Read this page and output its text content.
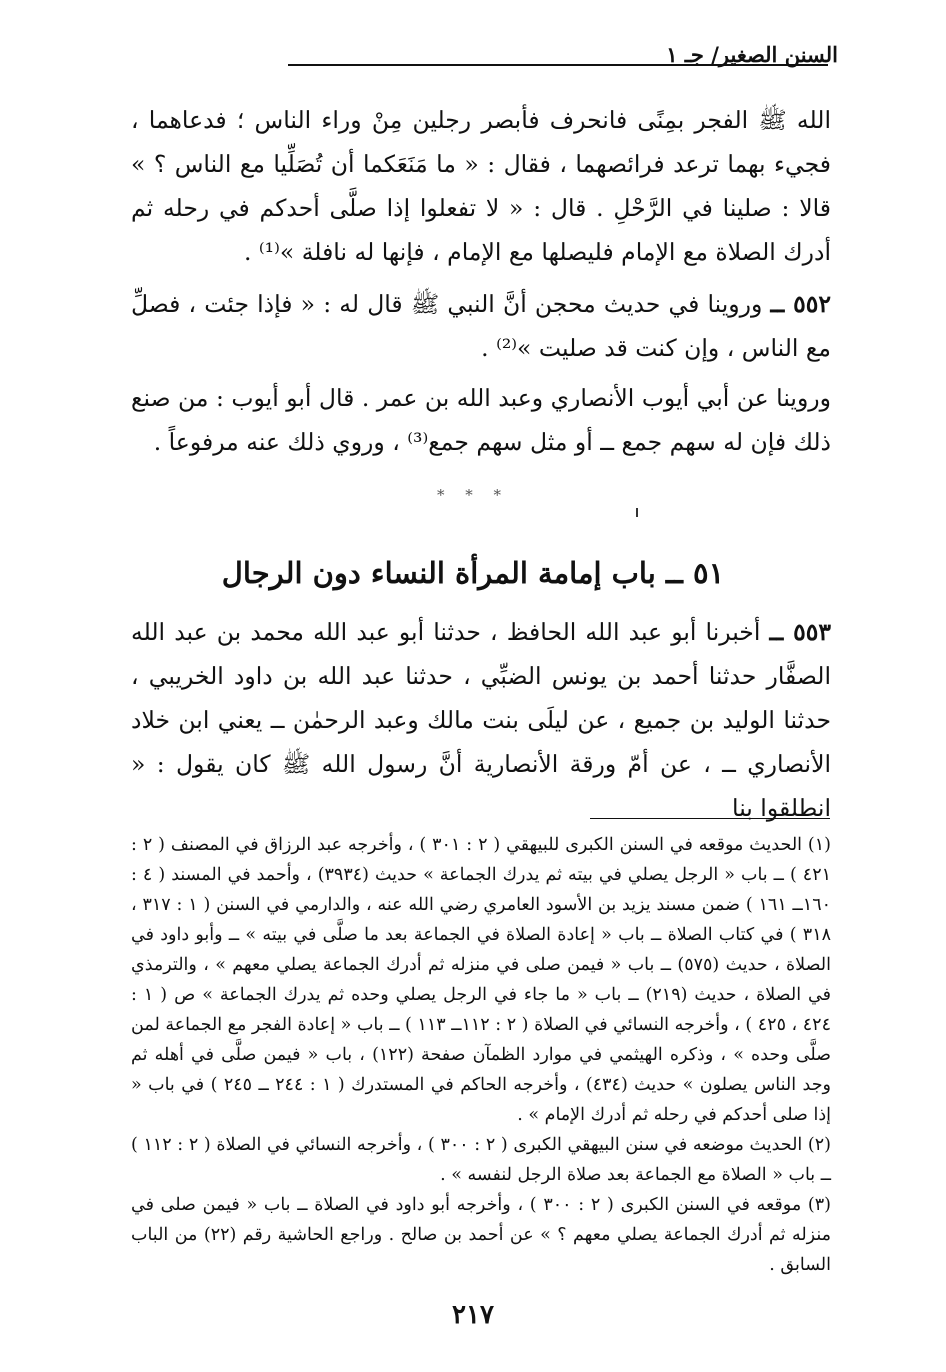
السنن الصغير/ جـ ١

الله ﷺ الفجر بمِنًى فانحرف فأبصر رجلين مِنْ وراء الناس ؛ فدعاهما ، فجيء بهما ترعد فرائصهما ، فقال : « ما مَنَعَكما أن تُصَلِّيا مع الناس ؟ » قالا : صلينا في الرَّحْلِ . قال : « لا تفعلوا إذا صلَّى أحدكم في رحله ثم أدرك الصلاة مع الإمام فليصلها مع الإمام ، فإنها له نافلة »⁽¹⁾ .

٥٥٢ ــ وروينا في حديث محجن أنَّ النبي ﷺ قال له : « فإذا جئت ، فصلِّ مع الناس ، وإن كنت قد صليت »⁽²⁾ .

وروينا عن أبي أيوب الأنصاري وعبد الله بن عمر . قال أبو أيوب : من صنع ذلك فإن له سهم جمع ــ أو مثل سهم جمع⁽³⁾ ، وروي ذلك عنه مرفوعاً .

* * *
٥١ ــ باب إمامة المرأة النساء دون الرجال

٥٥٣ ــ أخبرنا أبو عبد الله الحافظ ، حدثنا أبو عبد الله محمد بن عبد الله الصفَّار حدثنا أحمد بن يونس الضبِّي ، حدثنا عبد الله بن داود الخريبي ، حدثنا الوليد بن جميع ، عن ليلَى بنت مالك وعبد الرحمٰن ــ يعني ابن خلاد الأنصاري ــ ، عن أمّ ورقة الأنصارية أنَّ رسول الله ﷺ كان يقول : « انطلقوا بنا

(١) الحديث موقعه في السنن الكبرى للبيهقي ( ٢ : ٣٠١ ) ، وأخرجه عبد الرزاق في المصنف ( ٢ : ٤٢١ ) ــ باب « الرجل يصلي في بيته ثم يدرك الجماعة » حديث (٣٩٣٤) ، وأحمد في المسند ( ٤ : ١٦٠ــ ١٦١ ) ضمن مسند يزيد بن الأسود العامري رضي الله عنه ، والدارمي في السنن ( ١ : ٣١٧ ، ٣١٨ ) في كتاب الصلاة ــ باب « إعادة الصلاة في الجماعة بعد ما صلَّى في بيته » ــ وأبو داود في الصلاة ، حديث (٥٧٥) ــ باب « فيمن صلى في منزله ثم أدرك الجماعة يصلي معهم » ، والترمذي في الصلاة ، حديث (٢١٩) ــ باب « ما جاء في الرجل يصلي وحده ثم يدرك الجماعة » ص ( ١ : ٤٢٤ ، ٤٢٥ ) ، وأخرجه النسائي في الصلاة ( ٢ : ١١٢ــ ١١٣ ) ــ باب « إعادة الفجر مع الجماعة لمن صلَّى وحده » ، وذكره الهيثمي في موارد الظمآن صفحة (١٢٢) ، باب « فيمن صلَّى في أهله ثم وجد الناس يصلون » حديث (٤٣٤) ، وأخرجه الحاكم في المستدرك ( ١ : ٢٤٤ ــ ٢٤٥ ) في باب « إذا صلى أحدكم في رحله ثم أدرك الإمام » .

(٢) الحديث موضعه في سنن البيهقي الكبرى ( ٢ : ٣٠٠ ) ، وأخرجه النسائي في الصلاة ( ٢ : ١١٢ ) ــ باب « الصلاة مع الجماعة بعد صلاة الرجل لنفسه » .

(٣) موقعه في السنن الكبرى ( ٢ : ٣٠٠ ) ، وأخرجه أبو داود في الصلاة ــ باب « فيمن صلى في منزله ثم أدرك الجماعة يصلي معهم ؟ » عن أحمد بن صالح . وراجع الحاشية رقم (٢٢) من الباب السابق .

٢١٧
